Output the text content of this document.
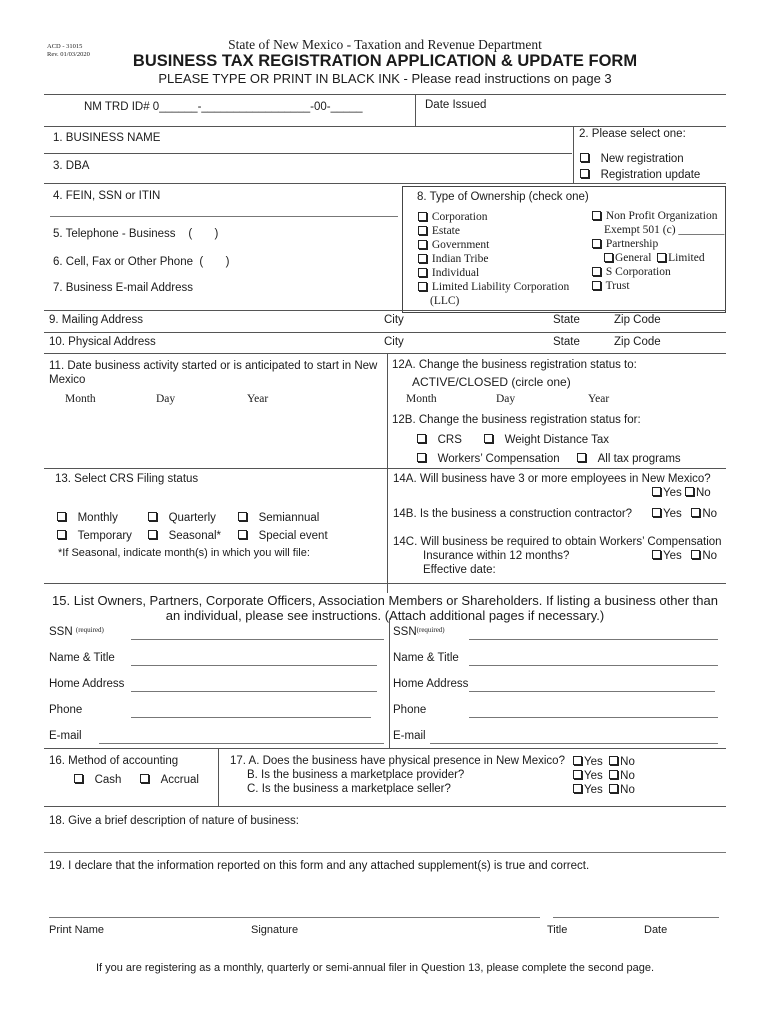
ACD - 31015
Rev. 01/03/2020
State of New Mexico - Taxation and Revenue Department
BUSINESS TAX REGISTRATION APPLICATION & UPDATE FORM
PLEASE TYPE OR PRINT IN BLACK INK - Please read instructions on page 3
NM TRD ID# 0______-_________________-00-_____	Date Issued
1. BUSINESS NAME	2. Please select one:
3. DBA
New registration
Registration update
4. FEIN, SSN or ITIN
5. Telephone - Business    (       )
6. Cell, Fax or Other Phone  (       )
7. Business E-mail Address
8. Type of Ownership (check one)
Corporation
Estate
Government
Indian Tribe
Individual
Limited Liability Corporation
(LLC)
Non Profit Organization
Exempt 501 (c) ________
Partnership
General Limited
S Corporation
Trust
9. Mailing Address	City	State	Zip Code
10. Physical Address	City	State	Zip Code
11. Date business activity started or is anticipated to start in New Mexico
Month	Day	Year
12A. Change the business registration status to:
ACTIVE/CLOSED (circle one)
Month	Day	Year
12B. Change the business registration status for:
CRS	Weight Distance Tax
Workers’ Compensation	All tax programs
13. Select CRS Filing status
Monthly	Quarterly	Semiannual
Temporary	Seasonal*	Special event
*If Seasonal, indicate month(s) in which you will file:
14A. Will business have 3 or more employees in New Mexico?
Yes No
14B. Is the business a construction contractor?	Yes No
14C. Will business be required to obtain Workers’ Compensation
Insurance within 12 months?	Yes No
Effective date:
15. List Owners, Partners, Corporate Officers, Association Members or Shareholders. If listing a business other than
an individual, please see instructions. (Attach additional pages if necessary.)
SSN $^{(required)}$
Name & Title
Home Address
Phone
E-mail
$SSN^{(required)}$
Name & Title
Home Address
Phone
E-mail
16. Method of accounting
Cash	Accrual
17. A. Does the business have physical presence in New Mexico?
B. Is the business a marketplace provider?
C. Is the business a marketplace seller?
Yes No
Yes No
Yes No
18. Give a brief description of nature of business:
19. I declare that the information reported on this form and any attached supplement(s) is true and correct.
Print Name	Signature	Title	Date
If you are registering as a monthly, quarterly or semi-annual filer in Question 13, please complete the second page.
